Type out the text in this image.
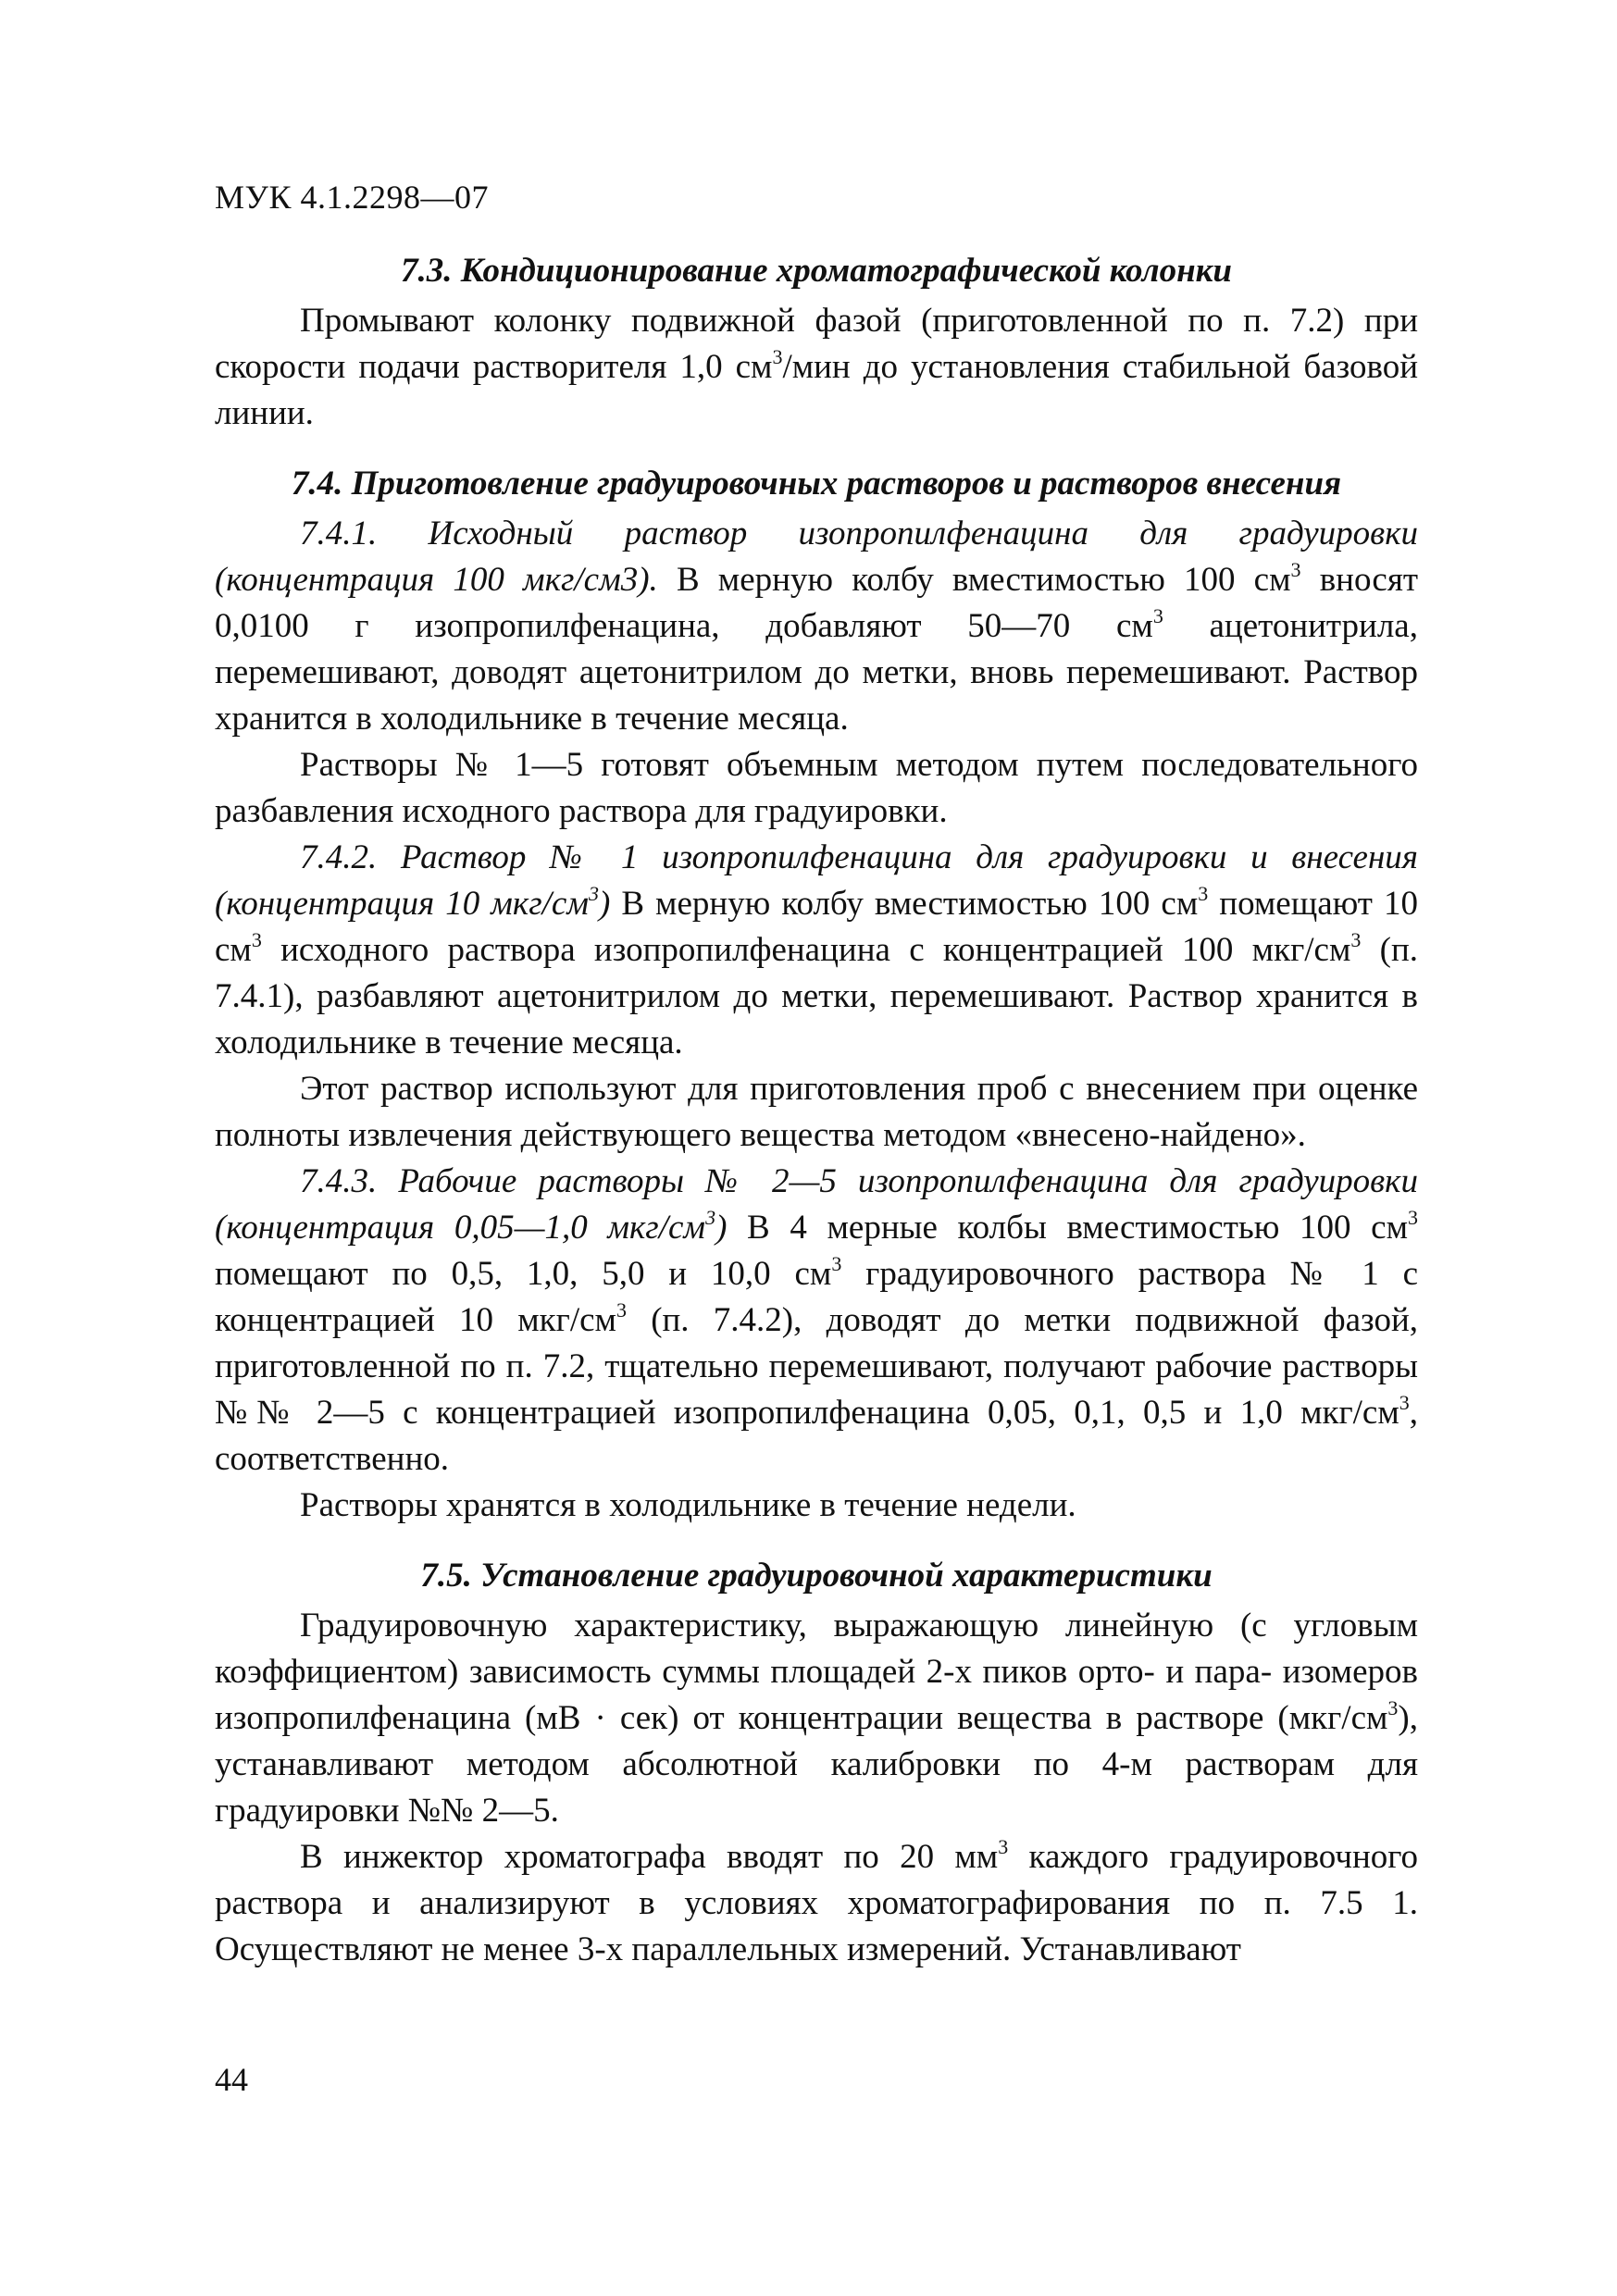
МУК 4.1.2298—07
7.3. Кондиционирование хроматографической колонки

Промывают колонку подвижной фазой (приготовленной по п. 7.2) при скорости подачи растворителя 1,0 $см^3$/мин до установления стабильной базовой линии.

7.4. Приготовление градуировочных растворов и растворов внесения

7.4.1. Исходный раствор изопропилфенацина для градуировки (концентрация 100 мкг/см3). В мерную колбу вместимостью 100 $см^3$ вносят 0,0100 г изопропилфенацина, добавляют 50—70 $см^3$ ацетонитрила, перемешивают, доводят ацетонитрилом до метки, вновь перемешивают. Раствор хранится в холодильнике в течение месяца.

Растворы № 1—5 готовят объемным методом путем последовательного разбавления исходного раствора для градуировки.

7.4.2. Раствор № 1 изопропилфенацина для градуировки и внесения (концентрация 10 мкг/$см^3$) В мерную колбу вместимостью 100 $см^3$ помещают 10 $см^3$ исходного раствора изопропилфенацина с концентрацией 100 мкг/$см^3$ (п. 7.4.1), разбавляют ацетонитрилом до метки, перемешивают. Раствор хранится в холодильнике в течение месяца.

Этот раствор используют для приготовления проб с внесением при оценке полноты извлечения действующего вещества методом «внесено-найдено».

7.4.3. Рабочие растворы № 2—5 изопропилфенацина для градуировки (концентрация 0,05—1,0 мкг/$см^3$) В 4 мерные колбы вместимостью 100 $см^3$ помещают по 0,5, 1,0, 5,0 и 10,0 $см^3$ градуировочного раствора № 1 с концентрацией 10 мкг/$см^3$ (п. 7.4.2), доводят до метки подвижной фазой, приготовленной по п. 7.2, тщательно перемешивают, получают рабочие растворы №№ 2—5 с концентрацией изопропилфенацина 0,05, 0,1, 0,5 и 1,0 мкг/$см^3$, соответственно.

Растворы хранятся в холодильнике в течение недели.

7.5. Установление градуировочной характеристики

Градуировочную характеристику, выражающую линейную (с угловым коэффициентом) зависимость суммы площадей 2-х пиков орто- и пара- изомеров изопропилфенацина (мВ · сек) от концентрации вещества в растворе $(мкг/см^3)$, устанавливают методом абсолютной калибровки по 4-м растворам для градуировки №№ 2—5.

В инжектор хроматографа вводят по 20 $мм^3$ каждого градуировочного раствора и анализируют в условиях хроматографирования по п. 7.5 1. Осуществляют не менее 3-х параллельных измерений. Устанавливают

44
